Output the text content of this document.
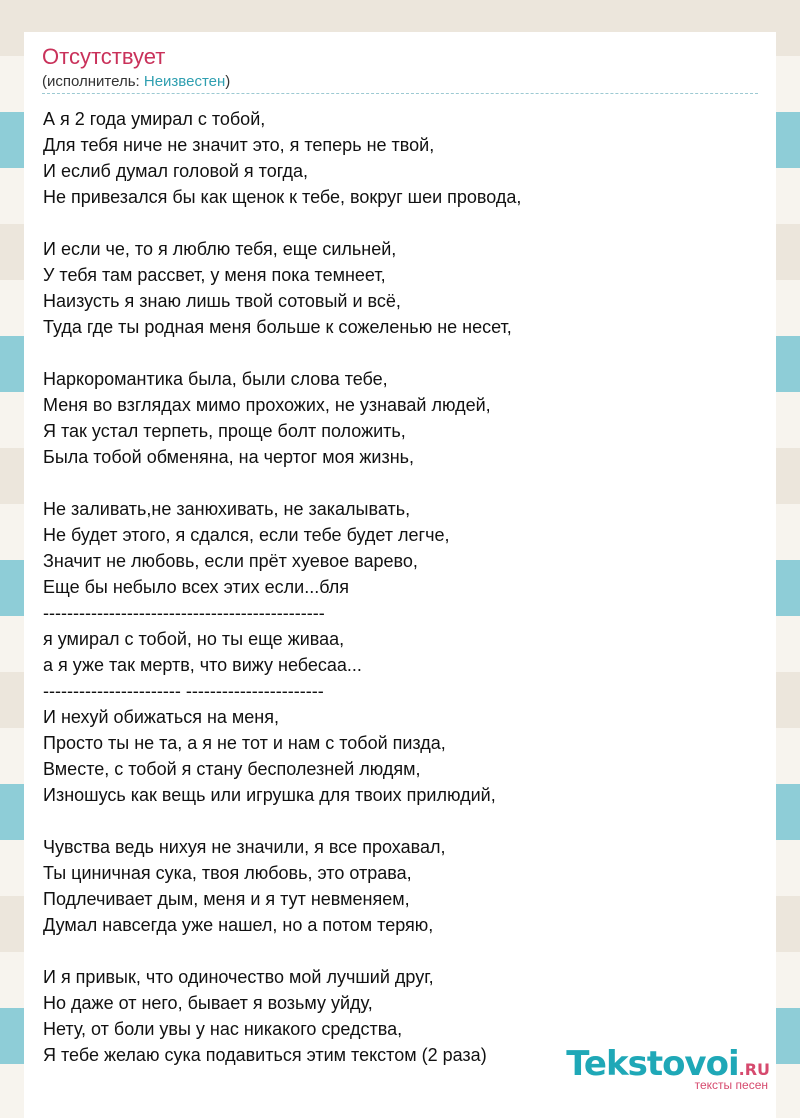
Отсутствует
(исполнитель: Неизвестен)
А я 2 года умирал с тобой,
Для тебя ниче не значит это, я теперь не твой,
И еслиб думал головой я тогда,
Не привезался бы как щенок к тебе, вокруг шеи провода,
И если че, то я люблю тебя, еще сильней,
У тебя там рассвет, у меня пока темнеет,
Наизусть я знаю лишь твой сотовый и всё,
Туда где ты родная меня больше к сожеленью не несет,
Наркоромантика была, были слова тебе,
Меня во взглядах мимо прохожих, не узнавай людей,
Я так устал терпеть, проще болт положить,
Была тобой обменяна, на чертог моя жизнь,
Не заливать,не занюхивать, не закалывать,
Не будет этого, я сдался, если тебе будет легче,
Значит не любовь, если прёт хуевое варево,
Еще бы небыло всех этих если...бля
-----------------------------------------------
я умирал с тобой, но ты еще живаа,
а я уже так мертв, что вижу небесаа...
----------------------- -----------------------
И нехуй обижаться на меня,
Просто ты не та, а я не тот и нам с тобой пизда,
Вместе, с тобой я стану бесполезней людям,
Изношусь как вещь или игрушка для твоих прилюдий,
Чувства ведь нихуя не значили, я все прохавал,
Ты циничная сука, твоя любовь, это отрава,
Подлечивает дым, меня и я тут невменяем,
Думал навсегда уже нашел, но а потом теряю,
И я привык, что одиночество мой лучший друг,
Но даже от него, бывает я возьму уйду,
Нету, от боли увы у нас никакого средства,
Я тебе желаю сука подавиться этим текстом (2 раза)	Tekstovoi.RU
тексты песен
